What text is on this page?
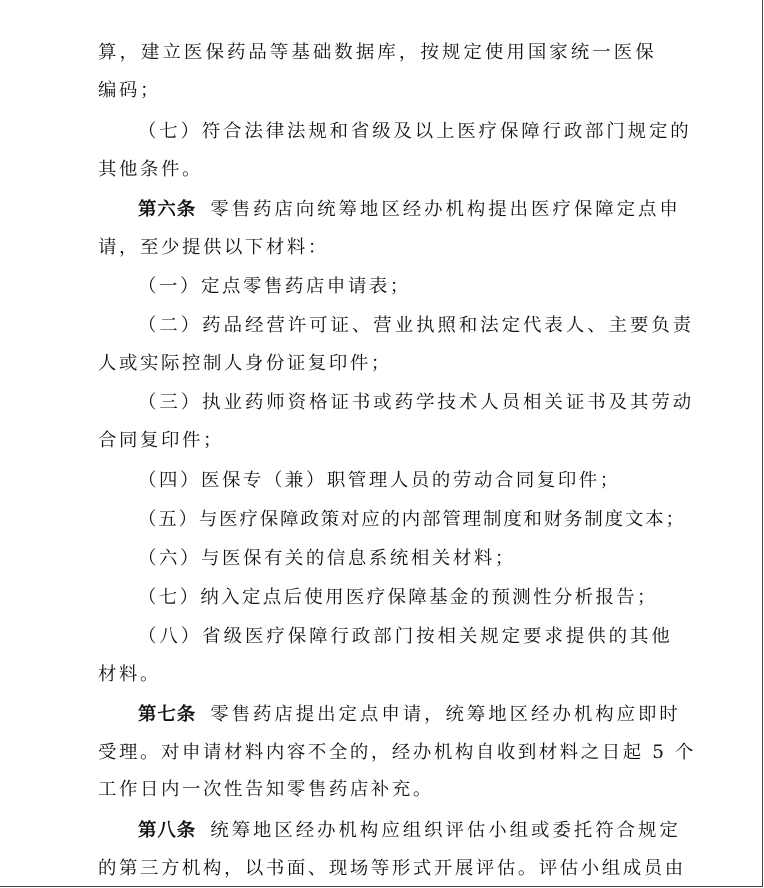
算，建立医保药品等基础数据库，按规定使用国家统一医保
编码；
（七）符合法律法规和省级及以上医疗保障行政部门规定的
其他条件。
第六条 零售药店向统筹地区经办机构提出医疗保障定点申
请，至少提供以下材料：
（一）定点零售药店申请表；
（二）药品经营许可证、营业执照和法定代表人、主要负责
人或实际控制人身份证复印件；
（三）执业药师资格证书或药学技术人员相关证书及其劳动
合同复印件；
（四）医保专（兼）职管理人员的劳动合同复印件；
（五）与医疗保障政策对应的内部管理制度和财务制度文本；
（六）与医保有关的信息系统相关材料；
（七）纳入定点后使用医疗保障基金的预测性分析报告；
（八）省级医疗保障行政部门按相关规定要求提供的其他
材料。
第七条 零售药店提出定点申请，统筹地区经办机构应即时
受理。对申请材料内容不全的，经办机构自收到材料之日起 5 个
工作日内一次性告知零售药店补充。
第八条 统筹地区经办机构应组织评估小组或委托符合规定
的第三方机构，以书面、现场等形式开展评估。评估小组成员由
